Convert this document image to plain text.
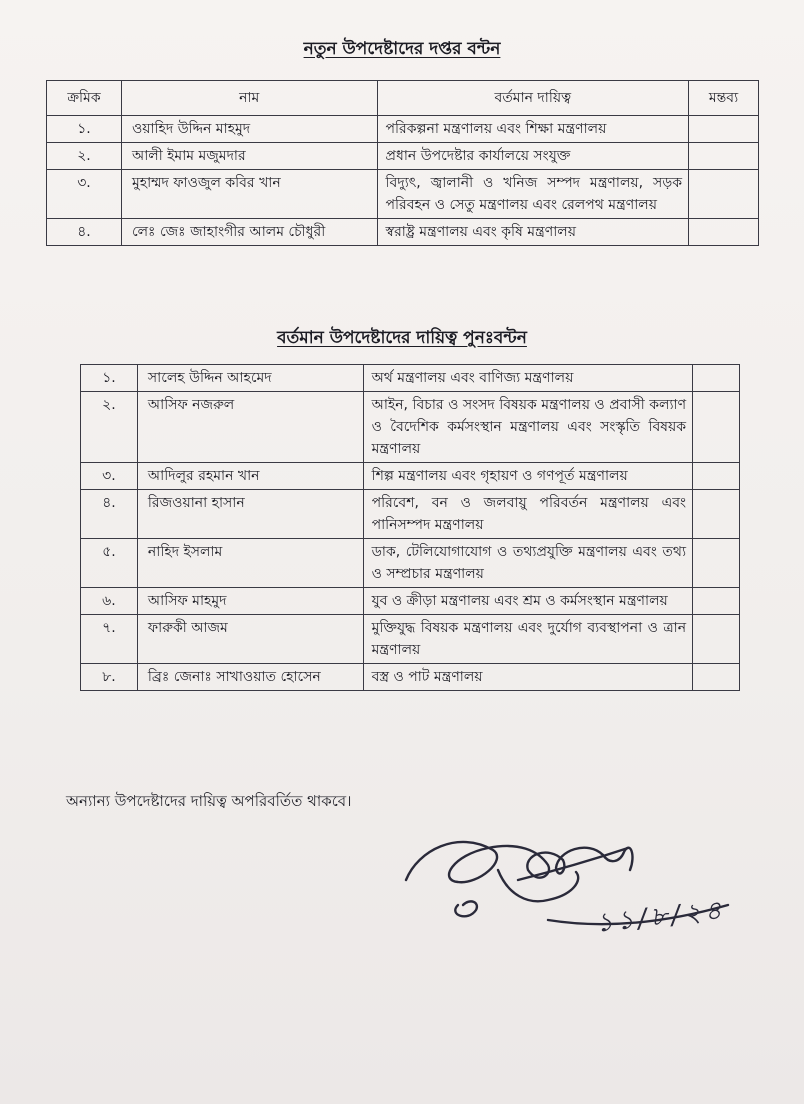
নতুন উপদেষ্টাদের দপ্তর বন্টন
ক্রমিক	নাম	বর্তমান দায়িত্ব	মন্তব্য
১.	ওয়াহিদ উদ্দিন মাহমুদ	পরিকল্পনা মন্ত্রণালয় এবং শিক্ষা মন্ত্রণালয়	
২.	আলী ইমাম মজুমদার	প্রধান উপদেষ্টার কার্যালয়ে সংযুক্ত	
৩.	মুহাম্মদ ফাওজুল কবির খান	বিদ্যুৎ, জ্বালানী ও খনিজ সম্পদ মন্ত্রণালয়, সড়ক পরিবহন ও সেতু মন্ত্রণালয় এবং রেলপথ মন্ত্রণালয়	
৪.	লেঃ জেঃ জাহাংগীর আলম চৌধুরী	স্বরাষ্ট্র মন্ত্রণালয় এবং কৃষি মন্ত্রণালয়	
বর্তমান উপদেষ্টাদের দায়িত্ব পুনঃবন্টন
১.	সালেহ উদ্দিন আহমেদ	অর্থ মন্ত্রণালয় এবং বাণিজ্য মন্ত্রণালয়	
২.	আসিফ নজরুল	আইন, বিচার ও সংসদ বিষয়ক মন্ত্রণালয় ও প্রবাসী কল্যাণ ও বৈদেশিক কর্মসংস্থান মন্ত্রণালয় এবং সংস্কৃতি বিষয়ক মন্ত্রণালয়	
৩.	আদিলুর রহমান খান	শিল্প মন্ত্রণালয় এবং গৃহায়ণ ও গণপূর্ত মন্ত্রণালয়	
৪.	রিজওয়ানা হাসান	পরিবেশ, বন ও জলবায়ু পরিবর্তন মন্ত্রণালয় এবং পানিসম্পদ মন্ত্রণালয়	
৫.	নাহিদ ইসলাম	ডাক, টেলিযোগাযোগ ও তথ্যপ্রযুক্তি মন্ত্রণালয় এবং তথ্য ও সম্প্রচার মন্ত্রণালয়	
৬.	আসিফ মাহমুদ	যুব ও ক্রীড়া মন্ত্রণালয় এবং শ্রম ও কর্মসংস্থান মন্ত্রণালয়	
৭.	ফারুকী আজম	মুক্তিযুদ্ধ বিষয়ক মন্ত্রণালয় এবং দুর্যোগ ব্যবস্থাপনা ও ত্রান মন্ত্রণালয়	
৮.	ব্রিঃ জেনাঃ সাখাওয়াত হোসেন	বস্ত্র ও পাট মন্ত্রণালয়	
অন্যান্য উপদেষ্টাদের দায়িত্ব অপরিবর্তিত থাকবে।
১১/৮/২৪
